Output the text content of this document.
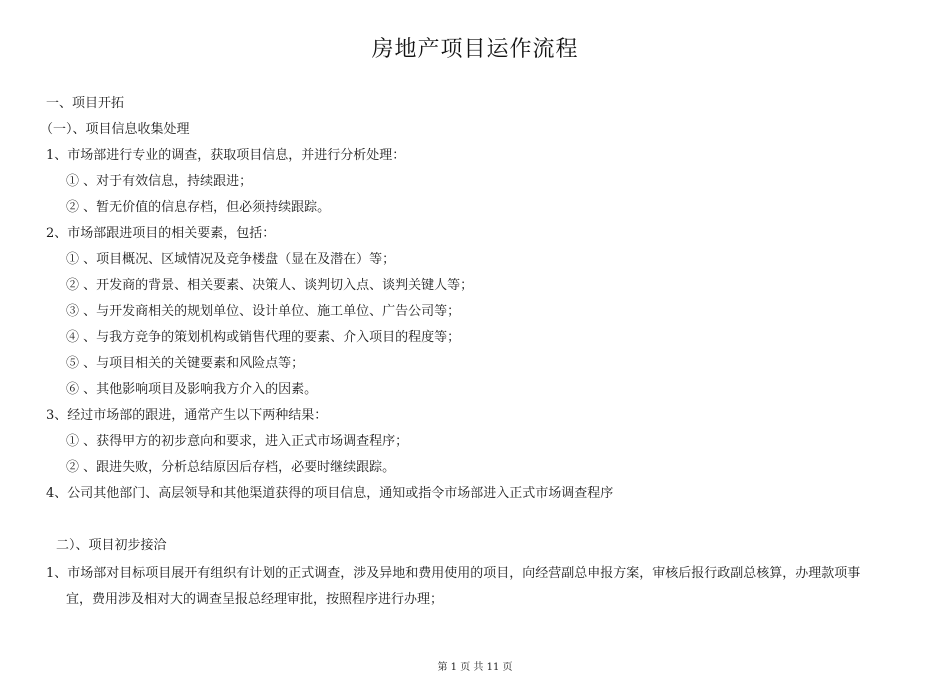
房地产项目运作流程
一、项目开拓
（一）、项目信息收集处理
1、市场部进行专业的调查，获取项目信息，并进行分析处理：
① 、对于有效信息，持续跟进；
② 、暂无价值的信息存档，但必须持续跟踪。
2、市场部跟进项目的相关要素，包括：
① 、项目概况、区域情况及竞争楼盘（显在及潜在）等；
② 、开发商的背景、相关要素、决策人、谈判切入点、谈判关键人等；
③ 、与开发商相关的规划单位、设计单位、施工单位、广告公司等；
④ 、与我方竞争的策划机构或销售代理的要素、介入项目的程度等；
⑤ 、与项目相关的关键要素和风险点等；
⑥ 、其他影响项目及影响我方介入的因素。
3、经过市场部的跟进，通常产生以下两种结果：
① 、获得甲方的初步意向和要求，进入正式市场调查程序；
② 、跟进失败，分析总结原因后存档，必要时继续跟踪。
4、公司其他部门、高层领导和其他渠道获得的项目信息，通知或指令市场部进入正式市场调查程序
二）、项目初步接洽
1、市场部对目标项目展开有组织有计划的正式调查，涉及异地和费用使用的项目，向经营副总申报方案，审核后报行政副总核算，办理款项事
宜，费用涉及相对大的调查呈报总经理审批，按照程序进行办理；
第 1 页 共 11 页
